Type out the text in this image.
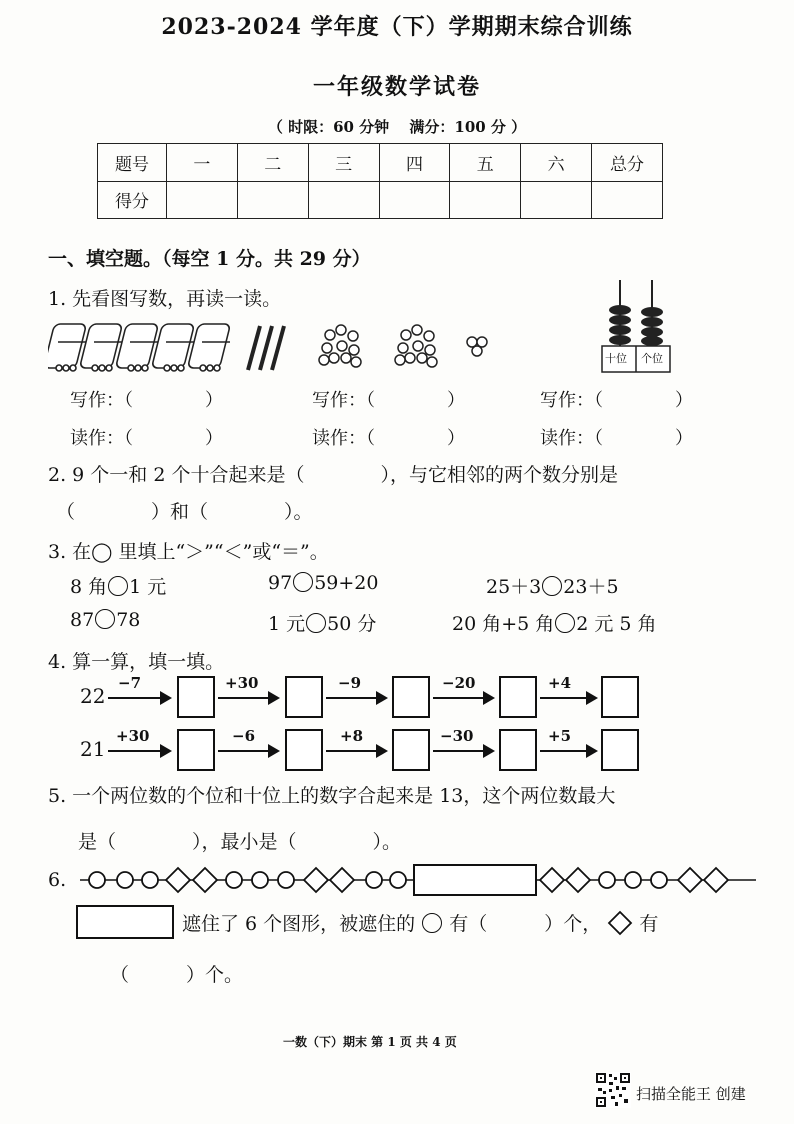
2023-2024 学年度（下）学期期末综合训练
一年级数学试卷
（ 时限：60 分钟　 满分：100 分 ）
题号	一	二	三	四	五	六	总分
得分							
一、填空题。（每空 1 分。共 29 分）
1. 先看图写数，再读一读。
十位 个位
写作：（　　　　）	写作：（　　　　）	写作：（　　　　）
读作：（　　　　）	读作：（　　　　）	读作：（　　　　）
2. 9 个一和 2 个十合起来是（　　　　），与它相邻的两个数分别是
（　　　　）和（　　　　）。
3. 在◯ 里填上“＞”“＜”或“＝”。
8 角 1 元	97 59+20	25＋3 23＋5
87 78	1 元 50 分	20 角+5 角 2 元 5 角
4. 算一算，填一填。
22
−7	+30	−9	−20	+4
21
+30	−6	+8	−30	+5
5. 一个两位数的个位和十位上的数字合起来是 13，这个两位数最大
是（　　　　），最小是（　　　　）。
6.
遮住了 6 个图形，被遮住的 有（　　　）个， 有
（　　　）个。
一数（下）期末 第 1 页 共 4 页
扫描全能王 创建
